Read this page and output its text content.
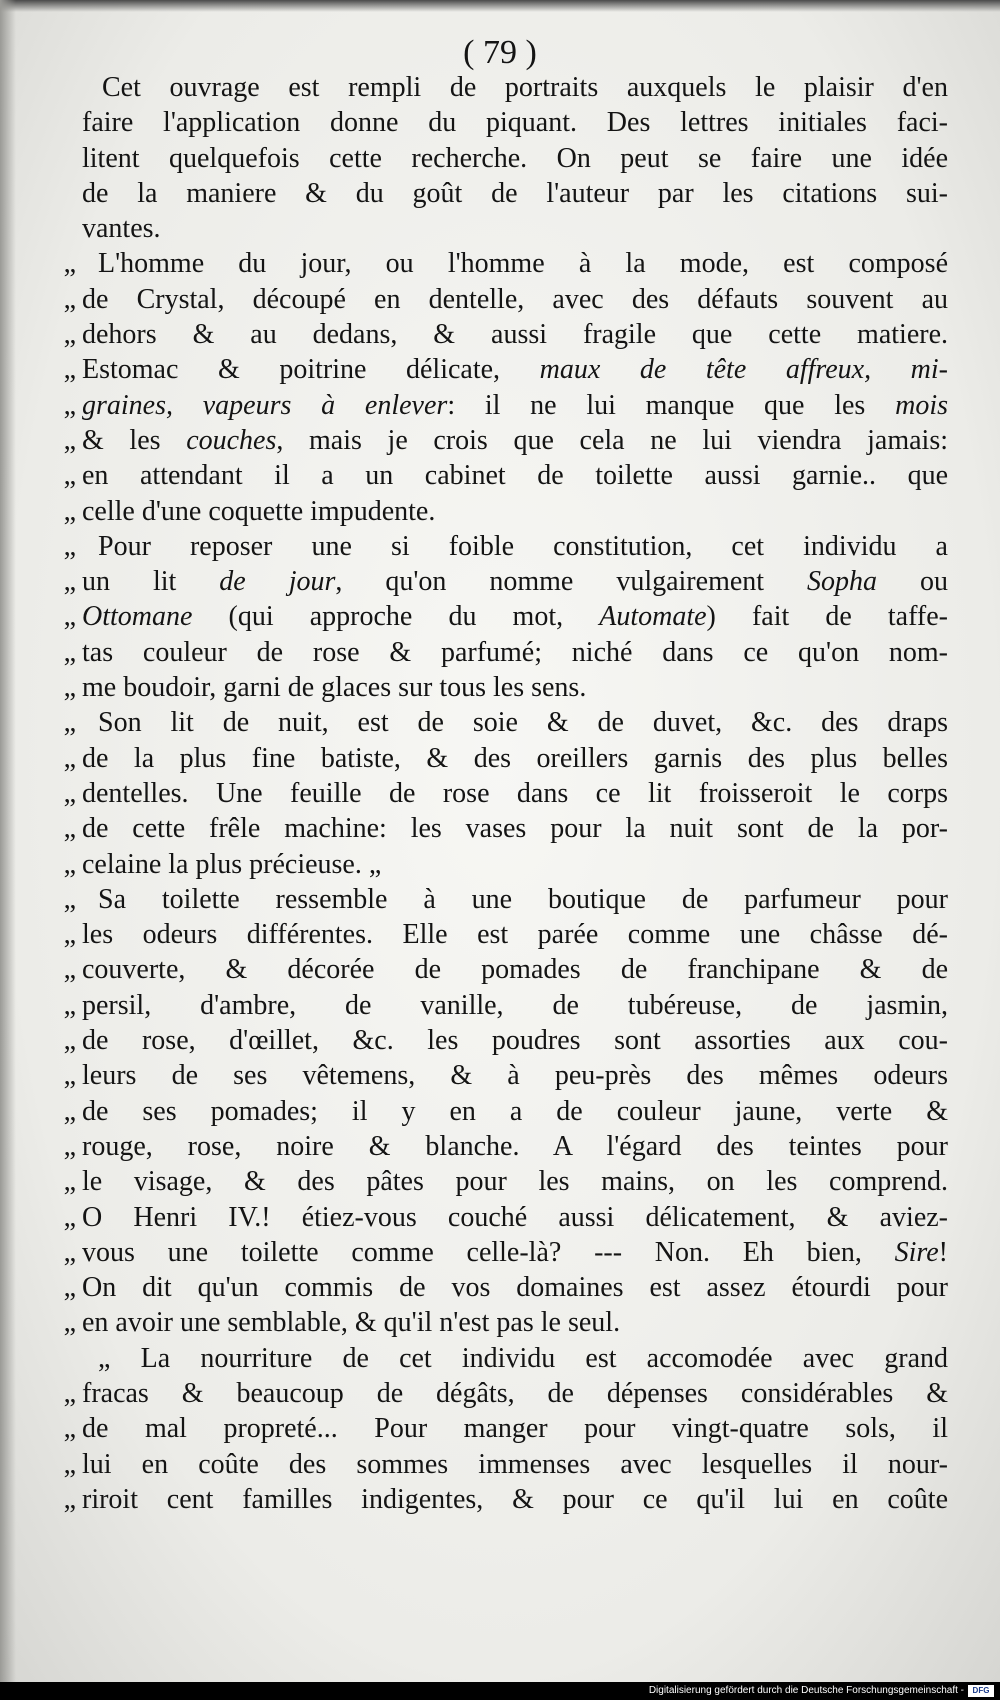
( 79 )
Cet ouvrage est rempli de portraits auxquels le plaisir d'en
faire l'application donne du piquant. Des lettres initiales faci-
litent quelquefois cette recherche. On peut se faire une idée
de la maniere & du goût de l'auteur par les citations sui-
vantes.
„ L'homme du jour, ou l'homme à la mode, est composé
„ de Crystal, découpé en dentelle, avec des défauts souvent au
„ dehors & au dedans, & aussi fragile que cette matiere.
„ Estomac & poitrine délicate, maux de tête affreux, mi-
„ graines, vapeurs à enlever: il ne lui manque que les mois
„ & les couches, mais je crois que cela ne lui viendra jamais:
„ en attendant il a un cabinet de toilette aussi garnie.. que
„ celle d'une coquette impudente.
„ Pour reposer une si foible constitution, cet individu a
„ un lit de jour, qu'on nomme vulgairement Sopha ou
„ Ottomane (qui approche du mot, Automate) fait de taffe-
„ tas couleur de rose & parfumé; niché dans ce qu'on nom-
„ me boudoir, garni de glaces sur tous les sens.
„ Son lit de nuit, est de soie & de duvet, &c. des draps
„ de la plus fine batiste, & des oreillers garnis des plus belles
„ dentelles. Une feuille de rose dans ce lit froisseroit le corps
„ de cette frêle machine: les vases pour la nuit sont de la por-
„ celaine la plus précieuse. „
„ Sa toilette ressemble à une boutique de parfumeur pour
„ les odeurs différentes. Elle est parée comme une châsse dé-
„ couverte, & décorée de pomades de franchipane & de
„ persil, d'ambre, de vanille, de tubéreuse, de jasmin,
„ de rose, d'œillet, &c. les poudres sont assorties aux cou-
„ leurs de ses vêtemens, & à peu-près des mêmes odeurs
„ de ses pomades; il y en a de couleur jaune, verte &
„ rouge, rose, noire & blanche. A l'égard des teintes pour
„ le visage, & des pâtes pour les mains, on les comprend.
„ O Henri IV.! étiez-vous couché aussi délicatement, & aviez-
„ vous une toilette comme celle-là? --- Non. Eh bien, Sire!
„ On dit qu'un commis de vos domaines est assez étourdi pour
„ en avoir une semblable, & qu'il n'est pas le seul.
„ La nourriture de cet individu est accomodée avec grand
„ fracas & beaucoup de dégâts, de dépenses considérables &
„ de mal propreté... Pour manger pour vingt-quatre sols, il
„ lui en coûte des sommes immenses avec lesquelles il nour-
„ riroit cent familles indigentes, & pour ce qu'il lui en coûte
Digitalisierung gefördert durch die Deutsche Forschungsgemeinschaft -	DFG
